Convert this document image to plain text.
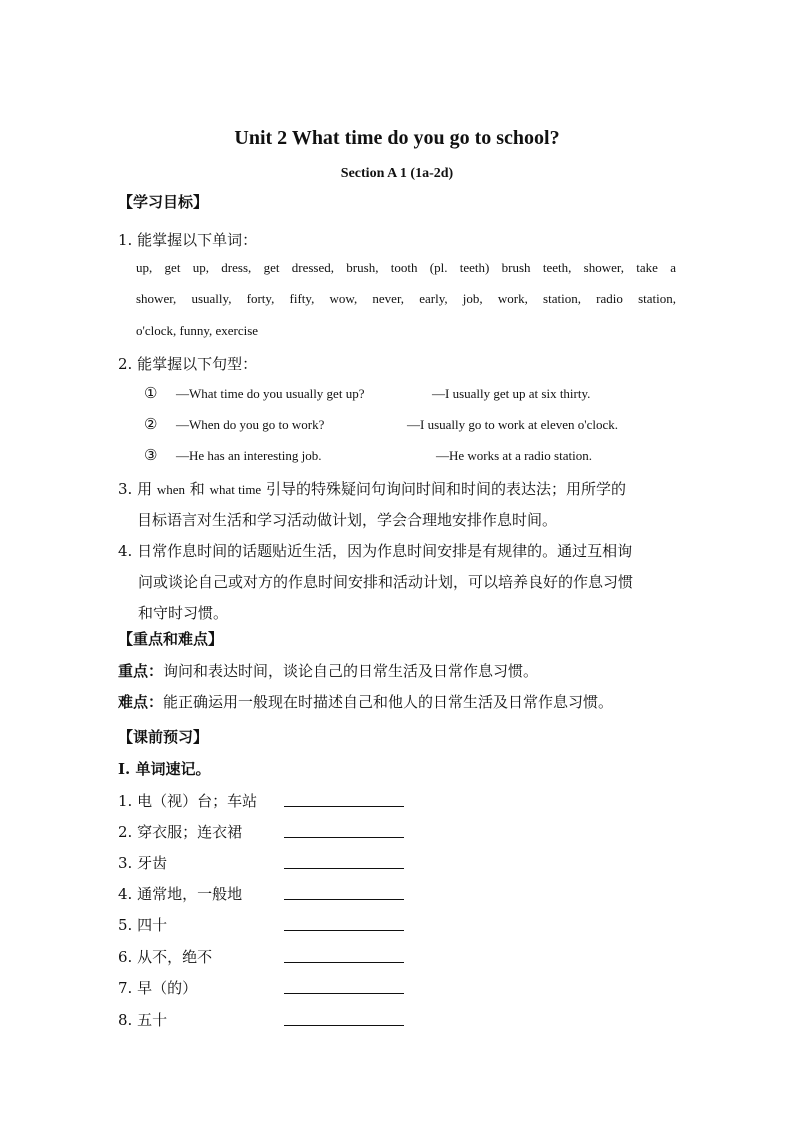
Unit 2 What time do you go to school?
Section A 1 (1a-2d)
【学习目标】
1. 能掌握以下单词：
up, get up, dress, get dressed, brush, tooth (pl. teeth) brush teeth, shower, take a
shower, usually, forty, fifty, wow, never, early, job, work, station, radio station,
o'clock, funny, exercise
2. 能掌握以下句型：
① —What time do you usually get up?	—I usually get up at six thirty.
② —When do you go to work?	—I usually go to work at eleven o'clock.
③ —He has an interesting job.	—He works at a radio station.
3. 用 when 和 what time 引导的特殊疑问句询问时间和时间的表达法；用所学的
目标语言对生活和学习活动做计划，学会合理地安排作息时间。
4. 日常作息时间的话题贴近生活，因为作息时间安排是有规律的。通过互相询
问或谈论自己或对方的作息时间安排和活动计划，可以培养良好的作息习惯
和守时习惯。
【重点和难点】
重点：询问和表达时间，谈论自己的日常生活及日常作息习惯。
难点：能正确运用一般现在时描述自己和他人的日常生活及日常作息习惯。
【课前预习】
I. 单词速记。
1. 电（视）台；车站
2. 穿衣服；连衣裙
3. 牙齿
4. 通常地，一般地
5. 四十
6. 从不，绝不
7. 早（的）
8. 五十
